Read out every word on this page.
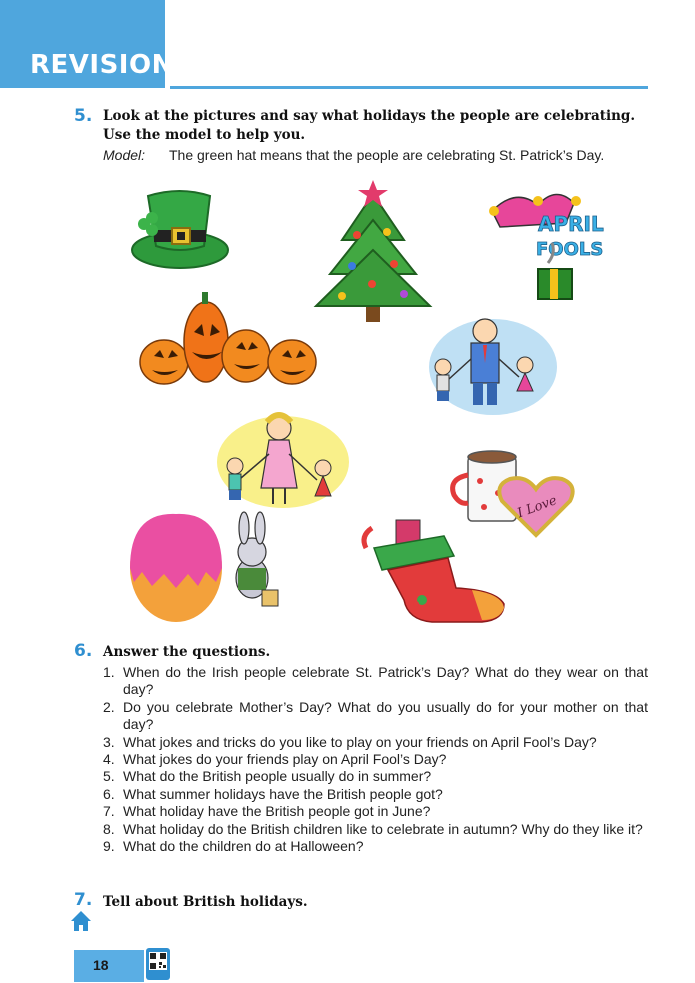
REVISION
5. Look at the pictures and say what holidays the people are celebrating.
Use the model to help you.
Model: The green hat means that the people are celebrating St. Patrick’s Day.
APRIL
FOOLS
I Love
6. Answer the questions.
1. When do the Irish people celebrate St. Patrick’s Day? What do they wear on that day?
2. Do you celebrate Mother’s Day? What do you usually do for your mother on that day?
3. What jokes and tricks do you like to play on your friends on April Fool’s Day?
4. What jokes do your friends play on April Fool’s Day?
5. What do the British people usually do in summer?
6. What summer holidays have the British people got?
7. What holiday have the British people got in June?
8. What holiday do the British children like to celebrate in autumn? Why do they like it?
9. What do the children do at Halloween?
7. Tell about British holidays.
18
